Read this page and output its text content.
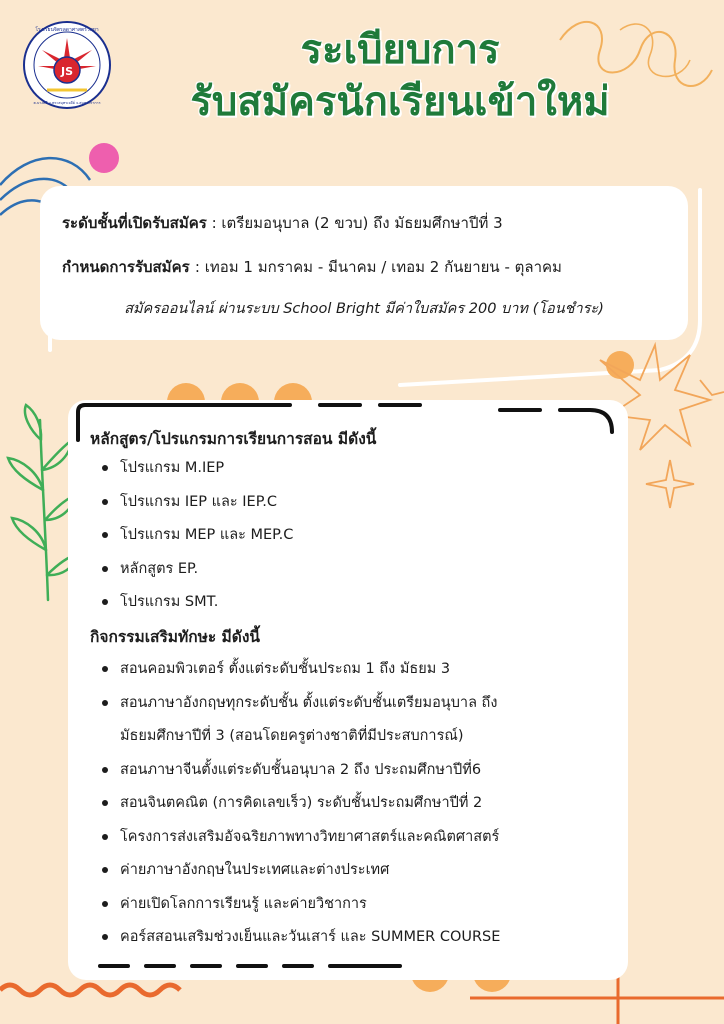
JS
โรงเรียนจิตรลดาศาสตร์วิทยา
ต.บางพลี อ.พระสมุทรเจดีย์ จ.สมุทรปราการ
ระเบียบการ
รับสมัครนักเรียนเข้าใหม่
ระดับชั้นที่เปิดรับสมัคร : เตรียมอนุบาล (2 ขวบ) ถึง มัธยมศึกษาปีที่ 3
กำหนดการรับสมัคร : เทอม 1 มกราคม - มีนาคม / เทอม 2 กันยายน - ตุลาคม
สมัครออนไลน์ ผ่านระบบ School Bright มีค่าใบสมัคร 200 บาท (โอนชำระ)
หลักสูตร/โปรแกรมการเรียนการสอน มีดังนี้
โปรแกรม M.IEP
โปรแกรม IEP และ IEP.C
โปรแกรม MEP และ MEP.C
หลักสูตร EP.
โปรแกรม SMT.
กิจกรรมเสริมทักษะ มีดังนี้
สอนคอมพิวเตอร์ ตั้งแต่ระดับชั้นประถม 1 ถึง มัธยม 3
สอนภาษาอังกฤษทุกระดับชั้น ตั้งแต่ระดับชั้นเตรียมอนุบาล ถึง
มัธยมศึกษาปีที่ 3 (สอนโดยครูต่างชาติที่มีประสบการณ์)
สอนภาษาจีนตั้งแต่ระดับชั้นอนุบาล 2 ถึง ประถมศึกษาปีที่6
สอนจินตคณิต (การคิดเลขเร็ว) ระดับชั้นประถมศึกษาปีที่ 2
โครงการส่งเสริมอัจฉริยภาพทางวิทยาศาสตร์และคณิตศาสตร์
ค่ายภาษาอังกฤษในประเทศและต่างประเทศ
ค่ายเปิดโลกการเรียนรู้ และค่ายวิชาการ
คอร์สสอนเสริมช่วงเย็นและวันเสาร์ และ SUMMER COURSE
